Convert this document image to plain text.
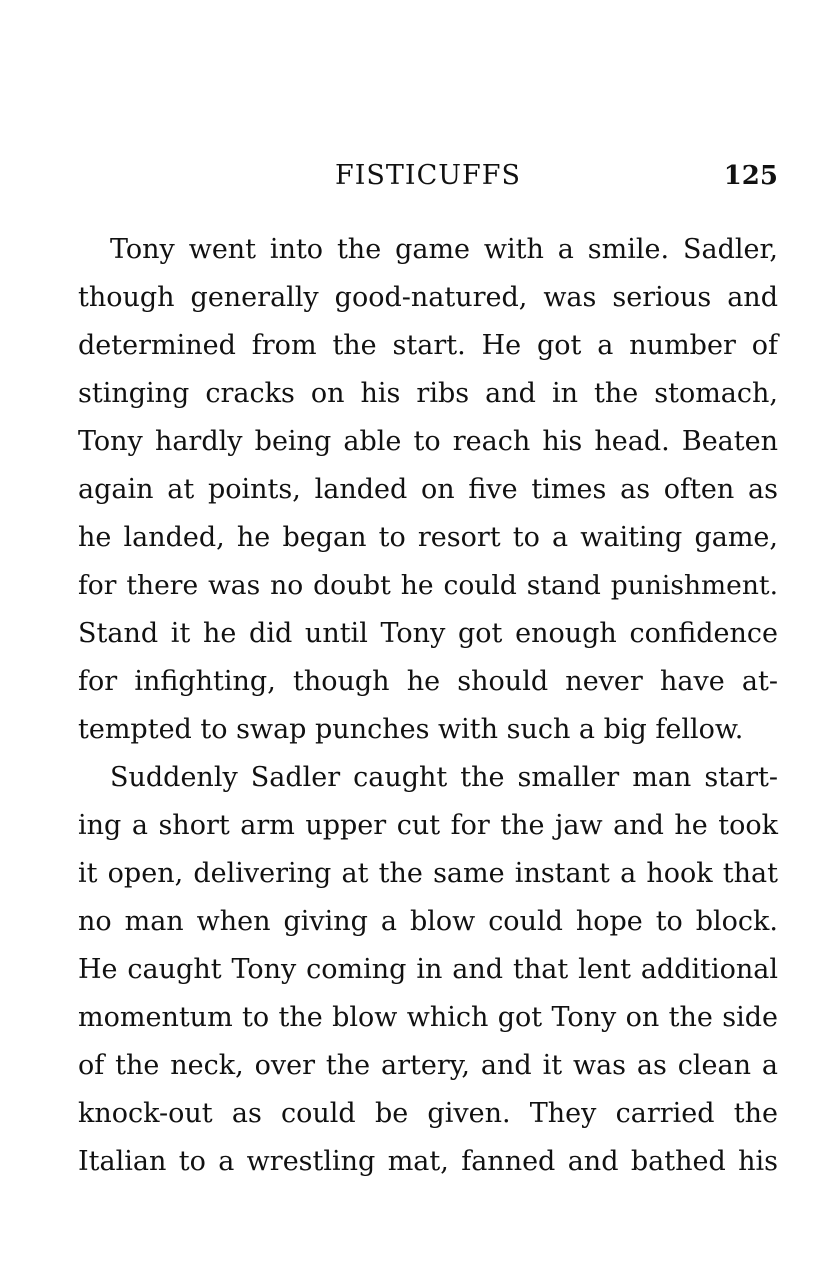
FISTICUFFS	125
Tony went into the game with a smile. Sadler,
though generally good-natured, was serious and
determined from the start. He got a number of
stinging cracks on his ribs and in the stomach,
Tony hardly being able to reach his head. Beaten
again at points, landed on five times as often as
he landed, he began to resort to a waiting game,
for there was no doubt he could stand punishment.
Stand it he did until Tony got enough confidence
for infighting, though he should never have at-
tempted to swap punches with such a big fellow.
Suddenly Sadler caught the smaller man start-
ing a short arm upper cut for the jaw and he took
it open, delivering at the same instant a hook that
no man when giving a blow could hope to block.
He caught Tony coming in and that lent additional
momentum to the blow which got Tony on the side
of the neck, over the artery, and it was as clean a
knock-out as could be given. They carried the
Italian to a wrestling mat, fanned and bathed his
